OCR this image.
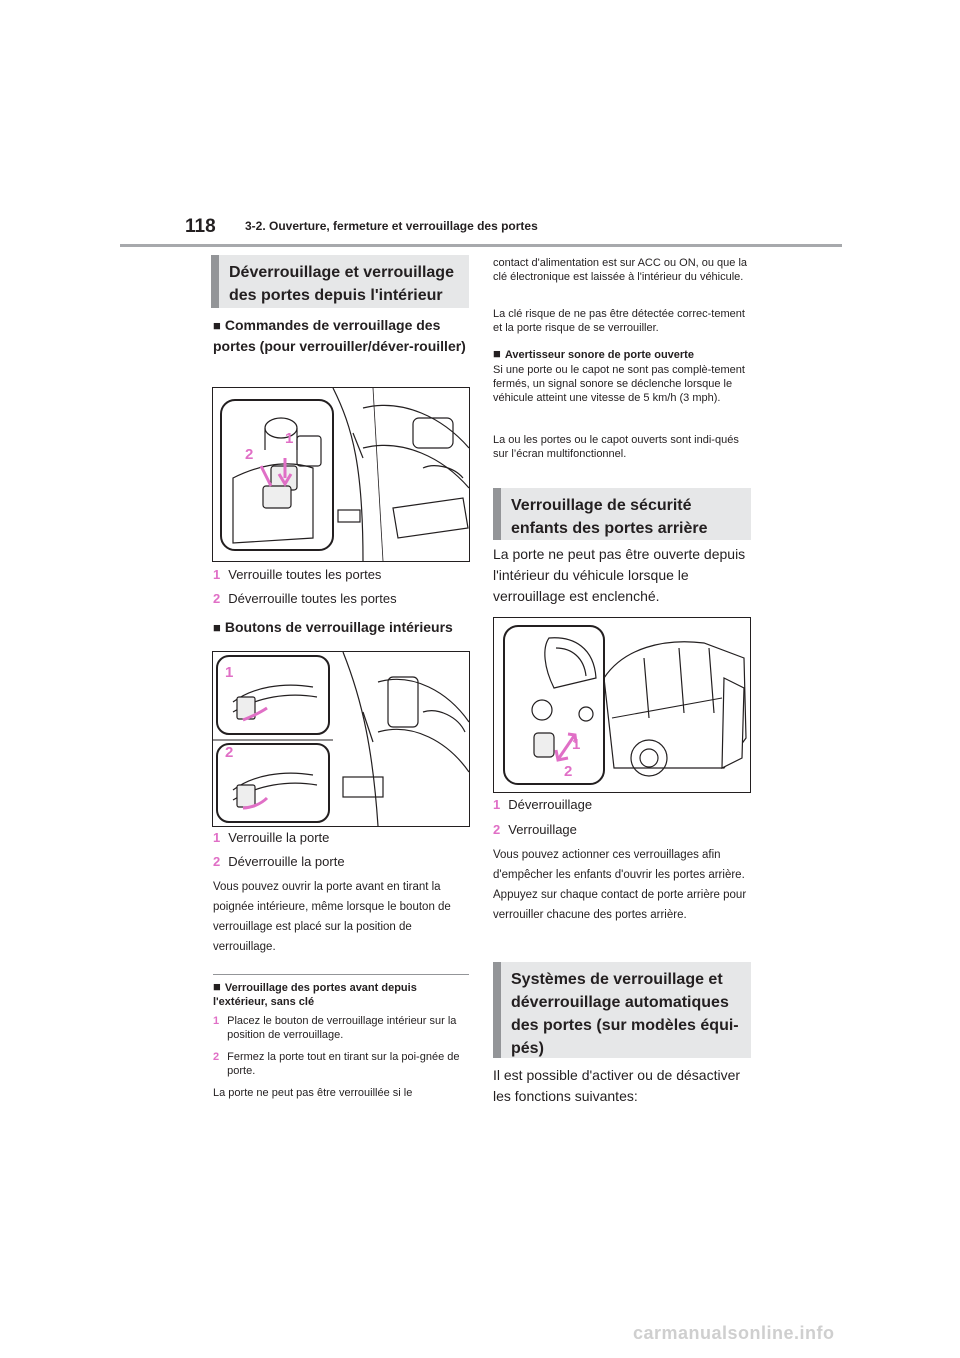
118 3-2. Ouverture, fermeture et verrouillage des portes
Déverrouillage et verrouillage des portes depuis l'intérieur
■ Commandes de verrouillage des portes (pour verrouiller/déver-rouiller)
1
2
1 Verrouille toutes les portes
2 Déverrouille toutes les portes
■ Boutons de verrouillage intérieurs
1
2
1 Verrouille la porte
2 Déverrouille la porte
Vous pouvez ouvrir la porte avant en tirant la poignée intérieure, même lorsque le bouton de verrouillage est placé sur la position de verrouillage.
■ Verrouillage des portes avant depuis l'extérieur, sans clé
1 Placez le bouton de verrouillage intérieur sur la position de verrouillage.
2 Fermez la porte tout en tirant sur la poi-gnée de porte.
La porte ne peut pas être verrouillée si le
contact d'alimentation est sur ACC ou ON, ou que la clé électronique est laissée à l'intérieur du véhicule.
La clé risque de ne pas être détectée correc-tement et la porte risque de se verrouiller.
■ Avertisseur sonore de porte ouverte
Si une porte ou le capot ne sont pas complè-tement fermés, un signal sonore se déclenche lorsque le véhicule atteint une vitesse de 5 km/h (3 mph).
La ou les portes ou le capot ouverts sont indi-qués sur l’écran multifonctionnel.
Verrouillage de sécurité enfants des portes arrière
La porte ne peut pas être ouverte depuis l'intérieur du véhicule lorsque le verrouillage est enclenché.
1
2
1 Déverrouillage
2 Verrouillage
Vous pouvez actionner ces verrouillages afin d'empêcher les enfants d'ouvrir les portes arrière. Appuyez sur chaque contact de porte arrière pour verrouiller chacune des portes arrière.
Systèmes de verrouillage et déverrouillage automatiques des portes (sur modèles équi-pés)
Il est possible d'activer ou de désactiver les fonctions suivantes:
carmanualsonline.info
